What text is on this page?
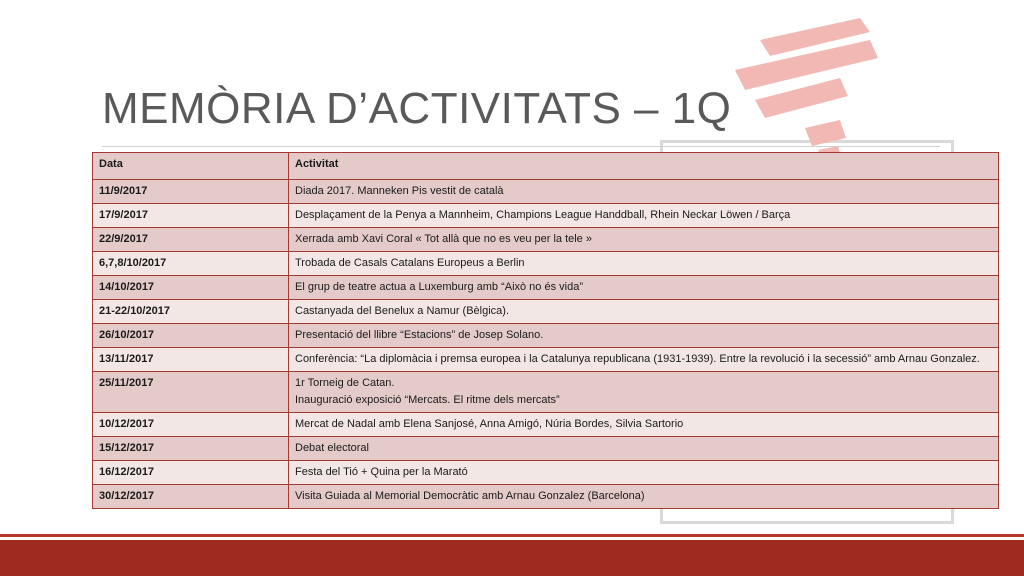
MEMÒRIA D’ACTIVITATS – 1Q
Data	Activitat
11/9/2017	Diada 2017. Manneken Pis vestit de català
17/9/2017	Desplaçament de la Penya a Mannheim, Champions League Handdball, Rhein Neckar Löwen / Barça
22/9/2017	Xerrada amb Xavi Coral « Tot allà que no es veu per la tele »
6,7,8/10/2017	Trobada de Casals Catalans Europeus a Berlin
14/10/2017	El grup de teatre actua a Luxemburg amb “Això no és vida”
21-22/10/2017	Castanyada del Benelux a Namur (Bèlgica).
26/10/2017	Presentació del llibre “Estacions” de Josep Solano.
13/11/2017	Conferència: “La diplomàcia i premsa europea i la Catalunya republicana (1931-1939). Entre la revolució i la secessió” amb Arnau Gonzalez.
25/11/2017	1r Torneig de Catan.
Inauguració exposició “Mercats. El ritme dels mercats”

10/12/2017	Mercat de Nadal amb Elena Sanjosé, Anna Amigó, Núria Bordes, Silvia Sartorio
15/12/2017	Debat electoral
16/12/2017	Festa del Tió + Quina per la Marató
30/12/2017	Visita Guiada al Memorial Democràtic amb Arnau Gonzalez (Barcelona)
